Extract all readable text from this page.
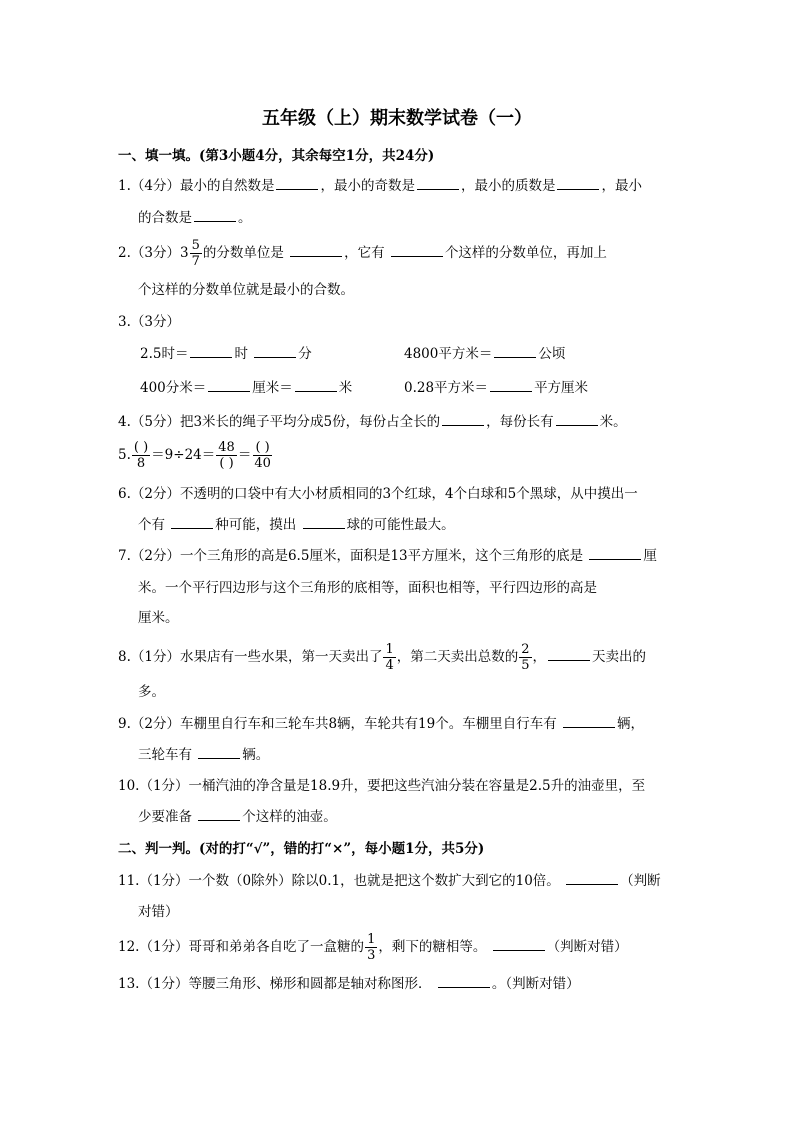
五年级（上）期末数学试卷（一）
一、填一填。(第3小题4分，其余每空1分，共24分)
1.（4分）最小的自然数是	，最小的奇数是	，最小的质数是	，最小
的合数是	。
2.（3分）$3 \frac{5}{7}$ 的分数单位是	，它有	个这样的分数单位，再加上
个这样的分数单位就是最小的合数。
3.（3分）
2.5时＝	时	分	4800平方米＝	公顷
400分米＝	厘米＝	米	0.28平方米＝	平方厘米
4.（5分）把3米长的绳子平均分成5份，每份占全长的	，每份长有	米。
5. $\frac{( )}{8} =9\div 24= \frac{48}{( )} = \frac{( )}{40}$
6.（2分）不透明的口袋中有大小材质相同的3个红球，4个白球和5个黑球，从中摸出一
个有	种可能，摸出	球的可能性最大。
7.（2分）一个三角形的高是6.5厘米，面积是13平方厘米，这个三角形的底是	厘
米。一个平行四边形与这个三角形的底相等，面积也相等，平行四边形的高是
厘米。
8.（1分）水果店有一些水果，第一天卖出了 $\frac{1}{4}$ ，第二天卖出总数的 $\frac{2}{5}$ ，	天卖出的
多。
9.（2分）车棚里自行车和三轮车共8辆，车轮共有19个。车棚里自行车有	辆，
三轮车有	辆。
10.（1分）一桶汽油的净含量是18.9升，要把这些汽油分装在容量是2.5升的油壶里，至
少要准备	个这样的油壶。
二、判一判。(对的打“√”，错的打“×”，每小题1分，共5分)
11.（1分）一个数（0除外）除以0.1，也就是把这个数扩大到它的10倍。	（判断
对错）
12.（1分）哥哥和弟弟各自吃了一盒糖的 $\frac{1}{3}$ ，剩下的糖相等。	（判断对错）
13.（1分）等腰三角形、梯形和圆都是轴对称图形．	。（判断对错）
